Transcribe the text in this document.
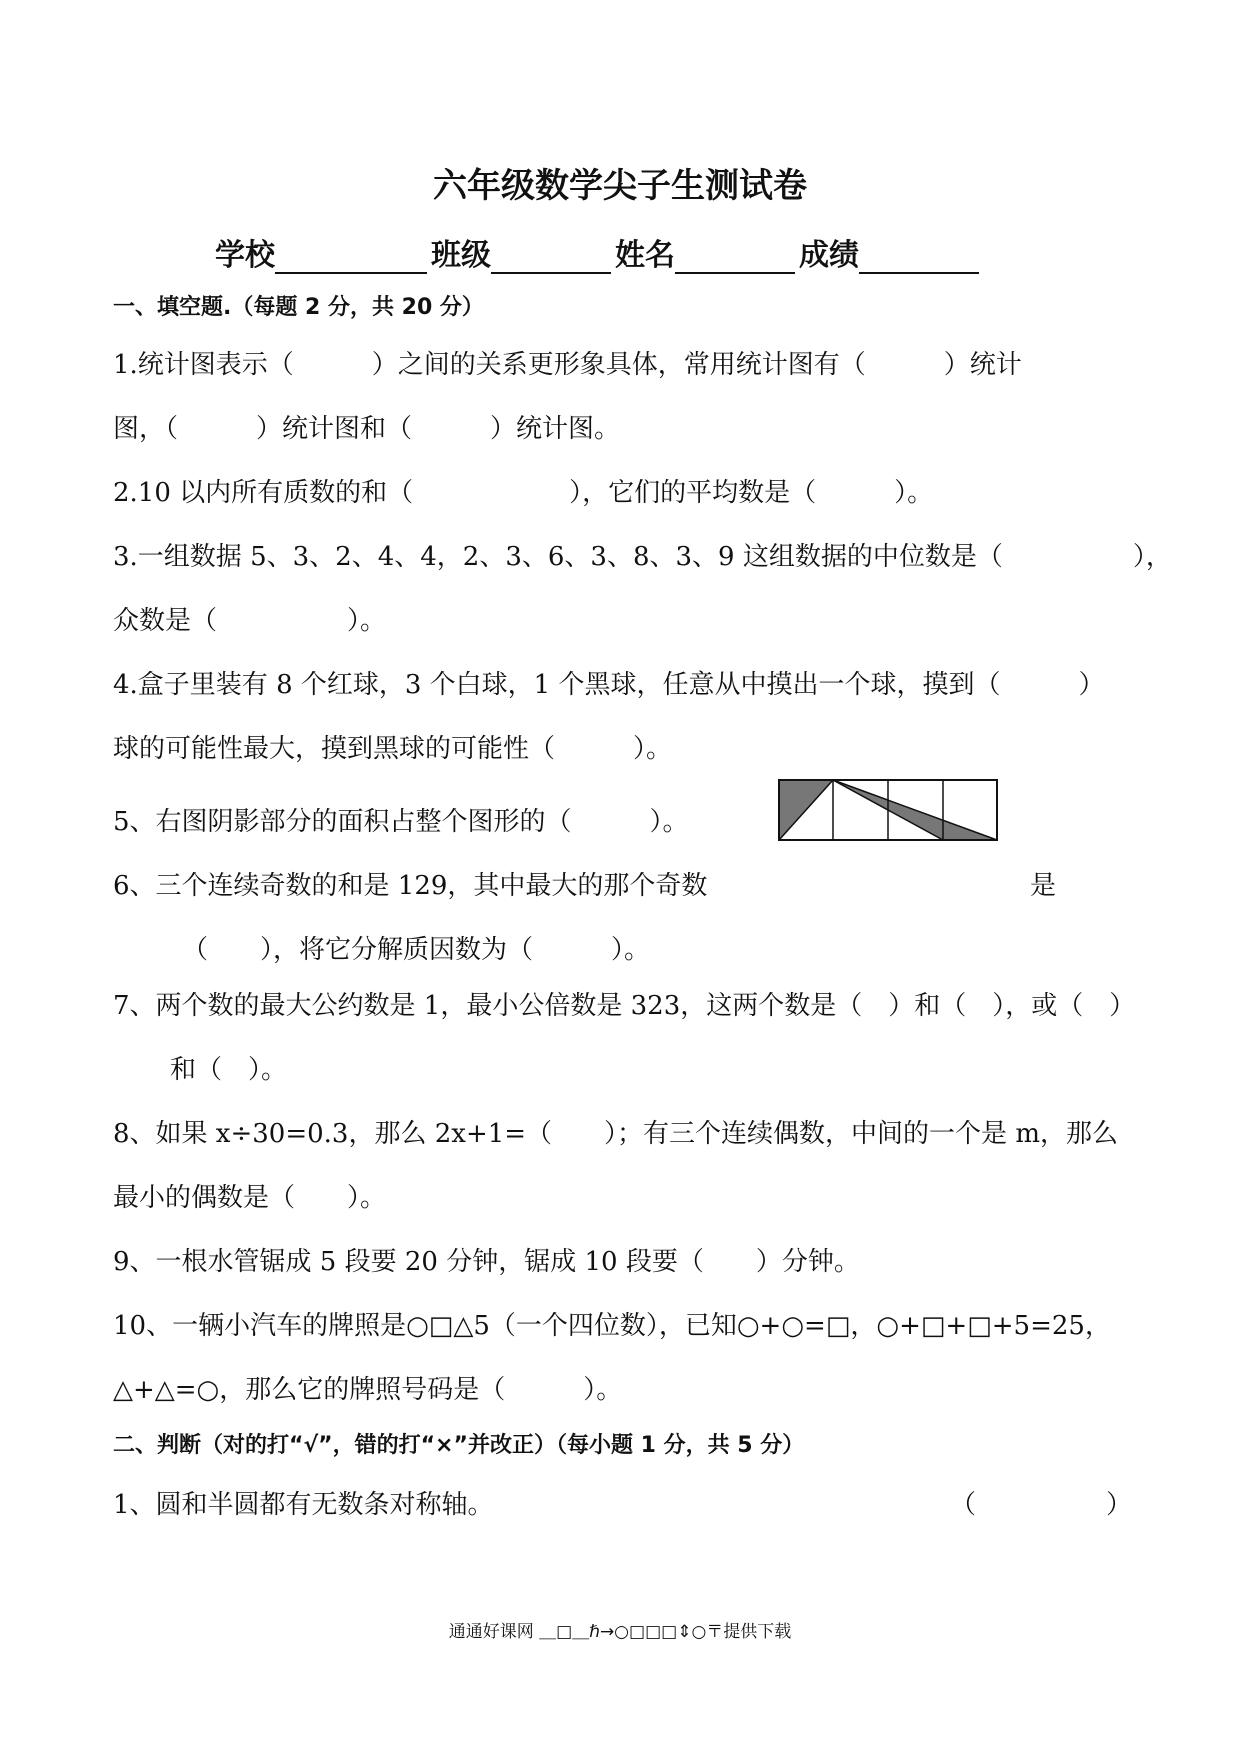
六年级数学尖子生测试卷
学校	班级	姓名	成绩
一、填空题.（每题 2 分，共 20 分）
1.统计图表示（　　　）之间的关系更形象具体，常用统计图有（　　　）统计
图，（　　　）统计图和（　　　）统计图。
2.10 以内所有质数的和（　　　　　　），它们的平均数是（　　　）。
3.一组数据 5、3、2、4、4，2、3、6、3、8、3、9 这组数据的中位数是（　　　　　），
众数是（　　　　　）。
4.盒子里装有 8 个红球，3 个白球，1 个黑球，任意从中摸出一个球，摸到（　　　）
球的可能性最大，摸到黑球的可能性（　　　）。
5、右图阴影部分的面积占整个图形的（　　　）。
6、三个连续奇数的和是 129，其中最大的那个奇数	是
（　　），将它分解质因数为（　　　）。
7、两个数的最大公约数是 1，最小公倍数是 323，这两个数是（　）和（　），或（　）
和（　）。
8、如果 x÷30=0.3，那么 2x+1=（　　）；有三个连续偶数，中间的一个是 m，那么
最小的偶数是（　　）。
9、一根水管锯成 5 段要 20 分钟，锯成 10 段要（　　）分钟。
10、一辆小汽车的牌照是○□△5（一个四位数），已知○+○=□，○+□+□+5=25，
△+△=○，那么它的牌照号码是（　　　）。
二、判断（对的打“√”，错的打“×”并改正）（每小题 1 分，共 5 分）
1、圆和半圆都有无数条对称轴。	（　　　　　）
通通好课网 ＿□＿ℏ→○□□□⇕○〒提供下载
